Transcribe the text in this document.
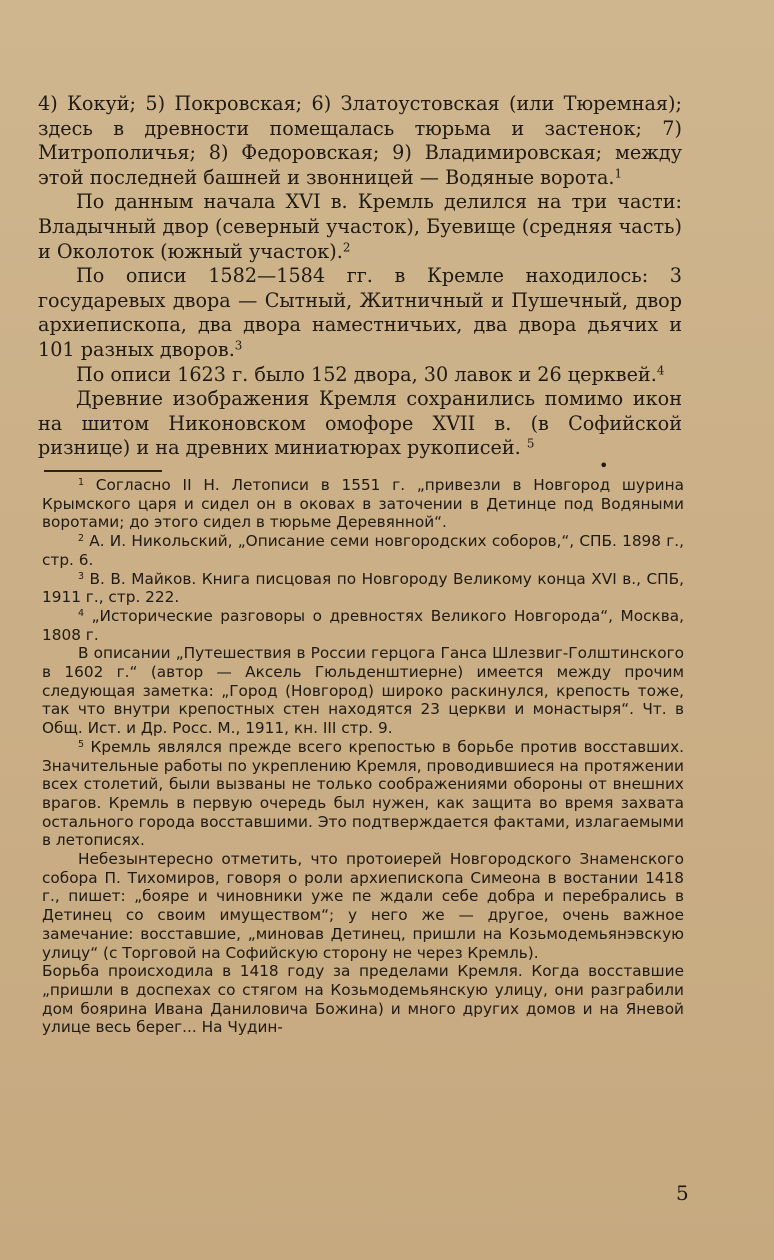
4) Кокуй; 5) Покровская; 6) Златоустовская (или Тюремная); здесь в древности помещалась тюрьма и застенок; 7) Митрополичья; 8) Федоровская; 9) Владимировская; между этой последней башней и звонницей — Водяные ворота.$^1$

По данным начала XVI в. Кремль делился на три части: Владычный двор (северный участок), Буевище (средняя часть) и Околоток (южный участок).$^2$

По описи 1582—1584 гг. в Кремле находилось: 3 государевых двора — Сытный, Житничный и Пушечный, двор архиепископа, два двора наместничьих, два двора дьячих и 101 разных дворов.$^3$

По описи 1623 г. было 152 двора, 30 лавок и 26 церквей.$^4$

Древние изображения Кремля сохранились помимо икон на шитом Никоновском омофоре XVII в. (в Софийской ризнице) и на древних миниатюрах рукописей. $^5$

•

$^1$ Согласно II Н. Летописи в 1551 г. „привезли в Новгород шурина Крымского царя и сидел он в оковах в заточении в Детинце под Водяными воротами; до этого сидел в тюрьме Деревянной“.

$^2$ А. И. Никольский, „Описание семи новгородских соборов,“, СПБ. 1898 г., стр. 6.

$^3$ В. В. Майков. Книга писцовая по Новгороду Великому конца XVI в., СПБ, 1911 г., стр. 222.

$^4$ „Исторические разговоры о древностях Великого Новгорода“, Москва, 1808 г.

В описании „Путешествия в России герцога Ганса Шлезвиг-Голштинского в 1602 г.“ (автор — Аксель Гюльденштиерне) имеется между прочим следующая заметка: „Город (Новгород) широко раскинулся, крепость тоже, так что внутри крепостных стен находятся 23 церкви и монастыря“. Чт. в Общ. Ист. и Др. Росс. М., 1911, кн. III стр. 9.

$^5$ Кремль являлся прежде всего крепостью в борьбе против восставших. Значительные работы по укреплению Кремля, проводившиеся на протяжении всех столетий, были вызваны не только соображениями обороны от внешних врагов. Кремль в первую очередь был нужен, как защита во время захвата остального города восставшими. Это подтверждается фактами, излагаемыми в летописях.

Небезынтересно отметить, что протоиерей Новгородского Знаменского собора П. Тихомиров, говоря о роли архиепископа Симеона в востании 1418 г., пишет: „бояре и чиновники уже пе ждали себе добра и перебрались в Детинец со своим имуществом“; у него же — другое, очень важное замечание: восставшие, „миновав Детинец, пришли на Козьмодемьянэвскую улицу“ (с Торговой на Софийскую сторону не через Кремль).

Борьба происходила в 1418 году за пределами Кремля. Когда восставшие „пришли в доспехах со стягом на Козьмодемьянскую улицу, они разграбили дом боярина Ивана Даниловича Божина) и много других домов и на Яневой улице весь берег... На Чудин-

5
